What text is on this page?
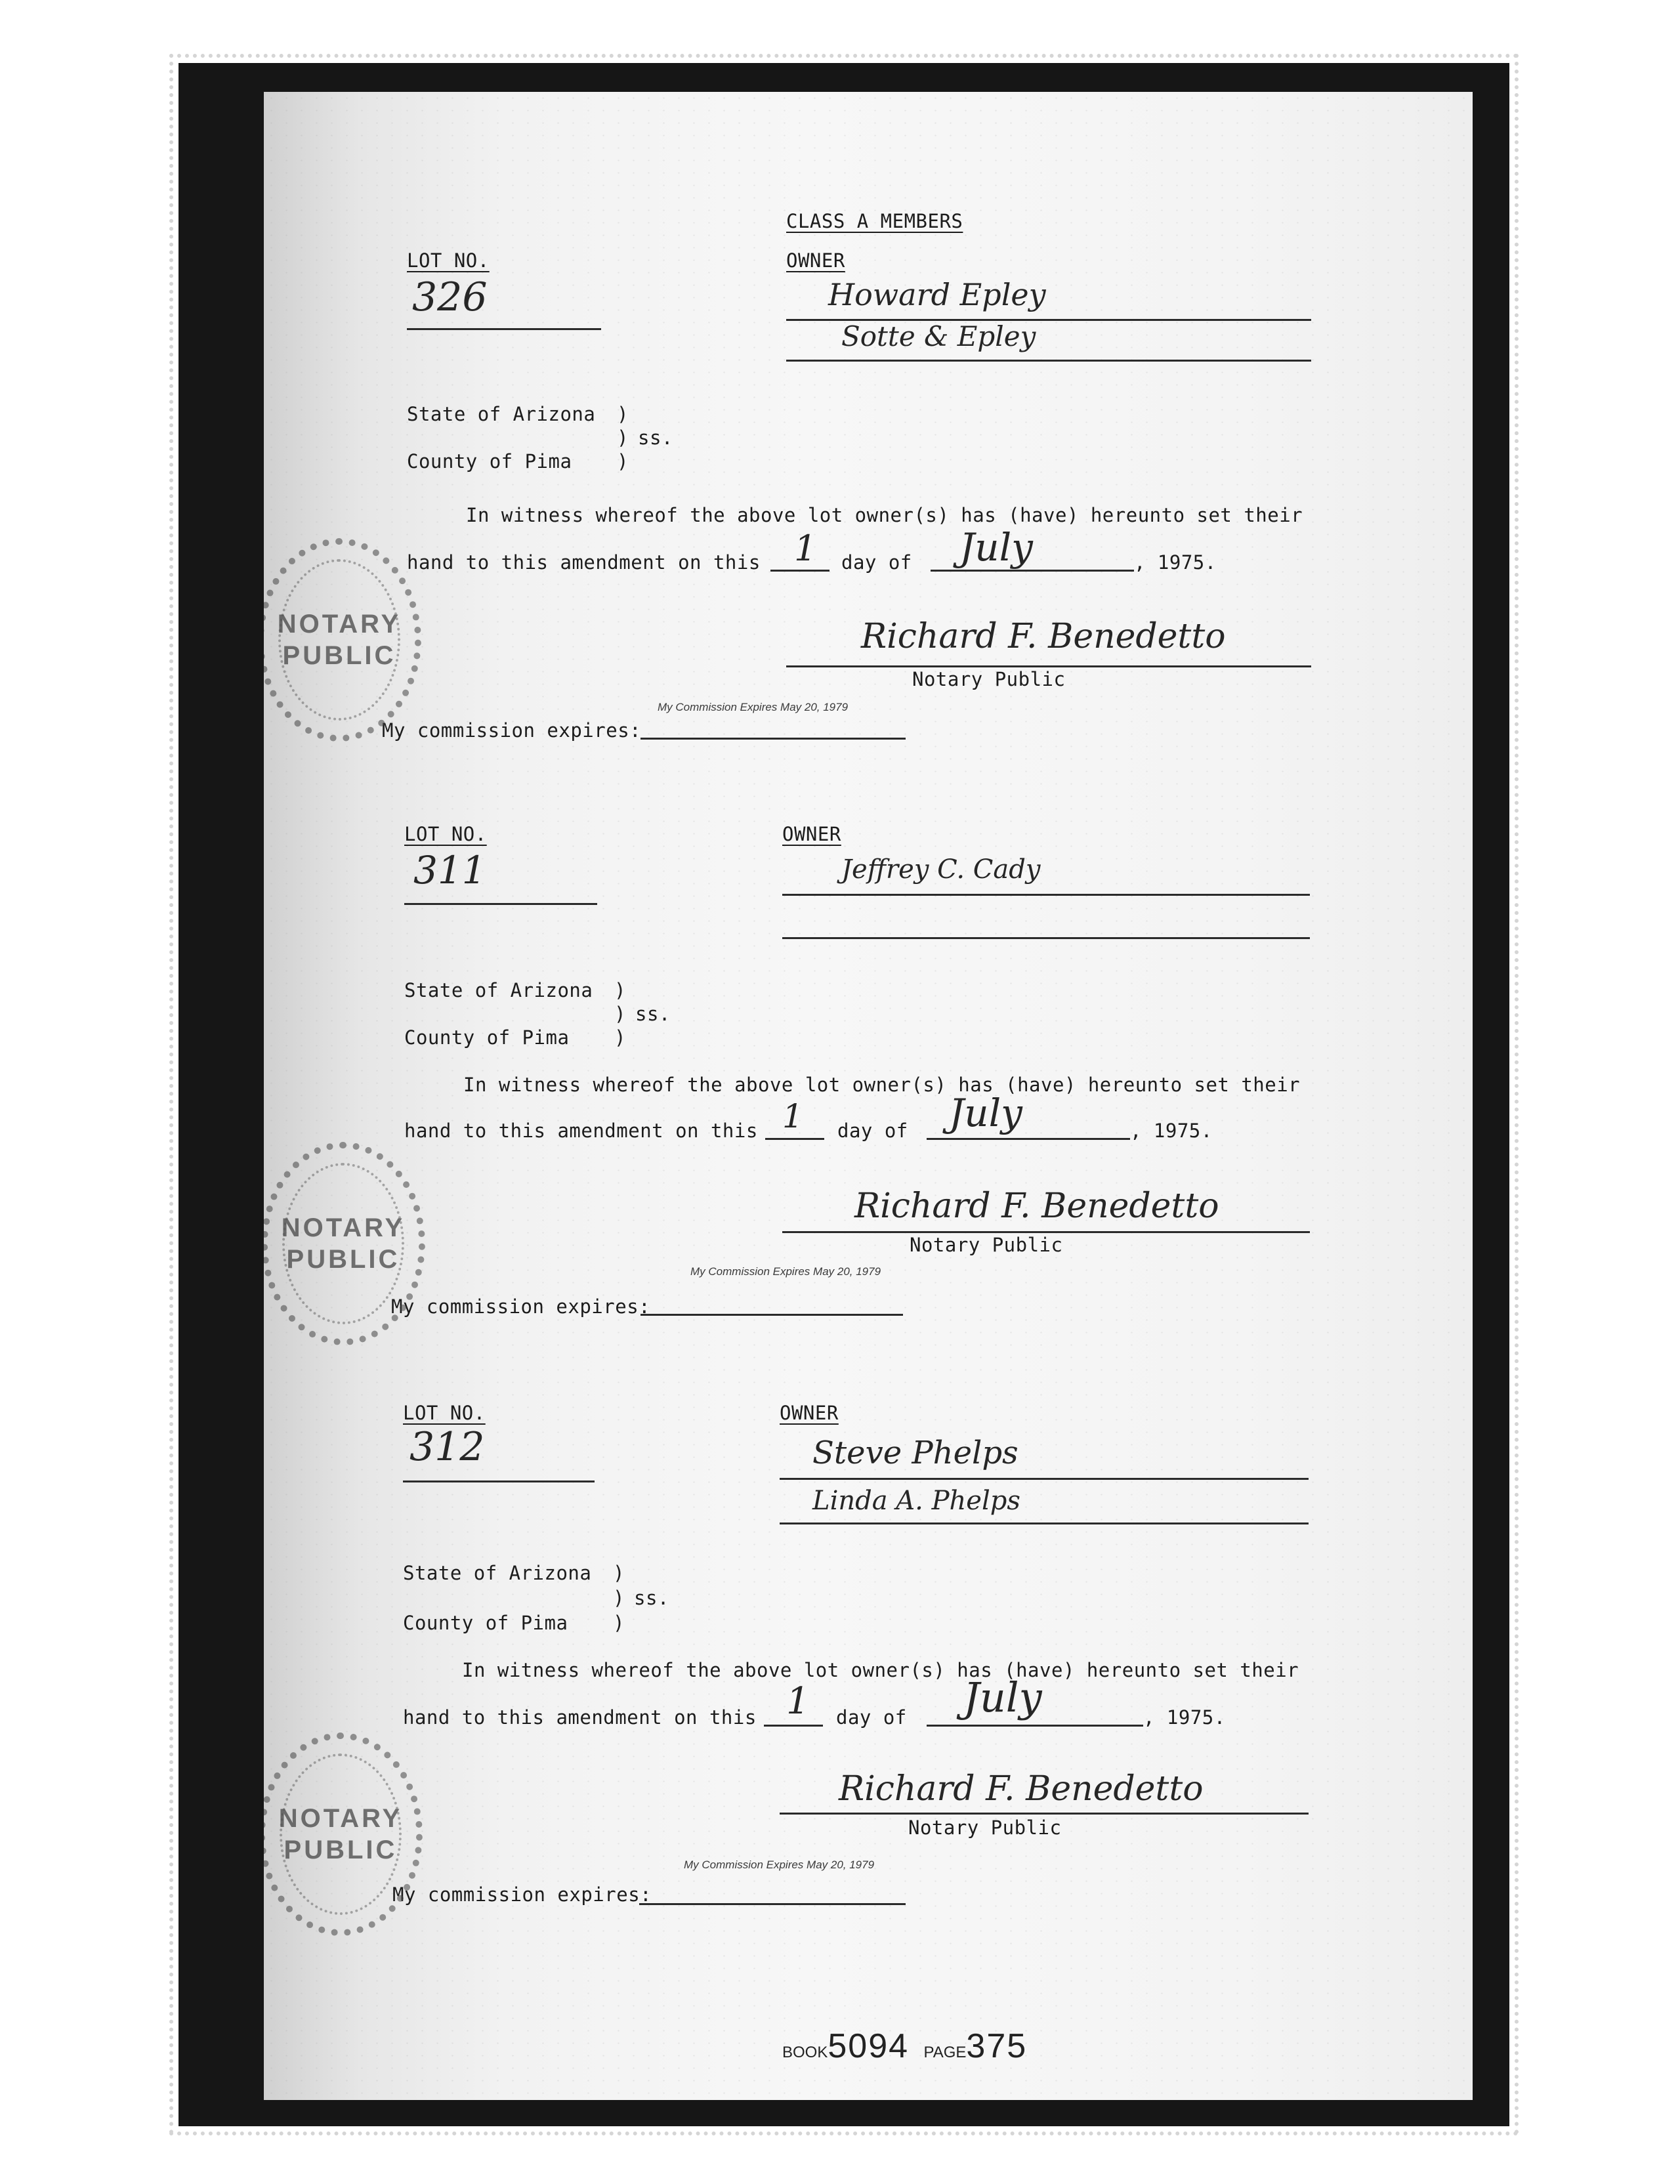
CLASS A MEMBERS
LOT NO.	OWNER
326	Howard Epley
Sotte & Epley
State of Arizona )
) ss.
County of Pima )
In witness whereof the above lot owner(s) has (have) hereunto set their
hand to this amendment on this 1 day of July	, 1975.
Richard F. Benedetto
Notary Public
My Commission Expires May 20, 1979
My commission expires:
NOTARY
PUBLIC
LOT NO.	OWNER
311	Jeffrey C. Cady
State of Arizona )
) ss.
County of Pima )
In witness whereof the above lot owner(s) has (have) hereunto set their
hand to this amendment on this 1 day of July	, 1975.
Richard F. Benedetto
Notary Public
My Commission Expires May 20, 1979
My commission expires:
NOTARY
PUBLIC
LOT NO.	OWNER
312	Steve Phelps
Linda A. Phelps
State of Arizona )
) ss.
County of Pima )
In witness whereof the above lot owner(s) has (have) hereunto set their
hand to this amendment on this 1 day of July	, 1975.
Richard F. Benedetto
Notary Public
My Commission Expires May 20, 1979
My commission expires:
NOTARY
PUBLIC
BOOK5094 PAGE375
